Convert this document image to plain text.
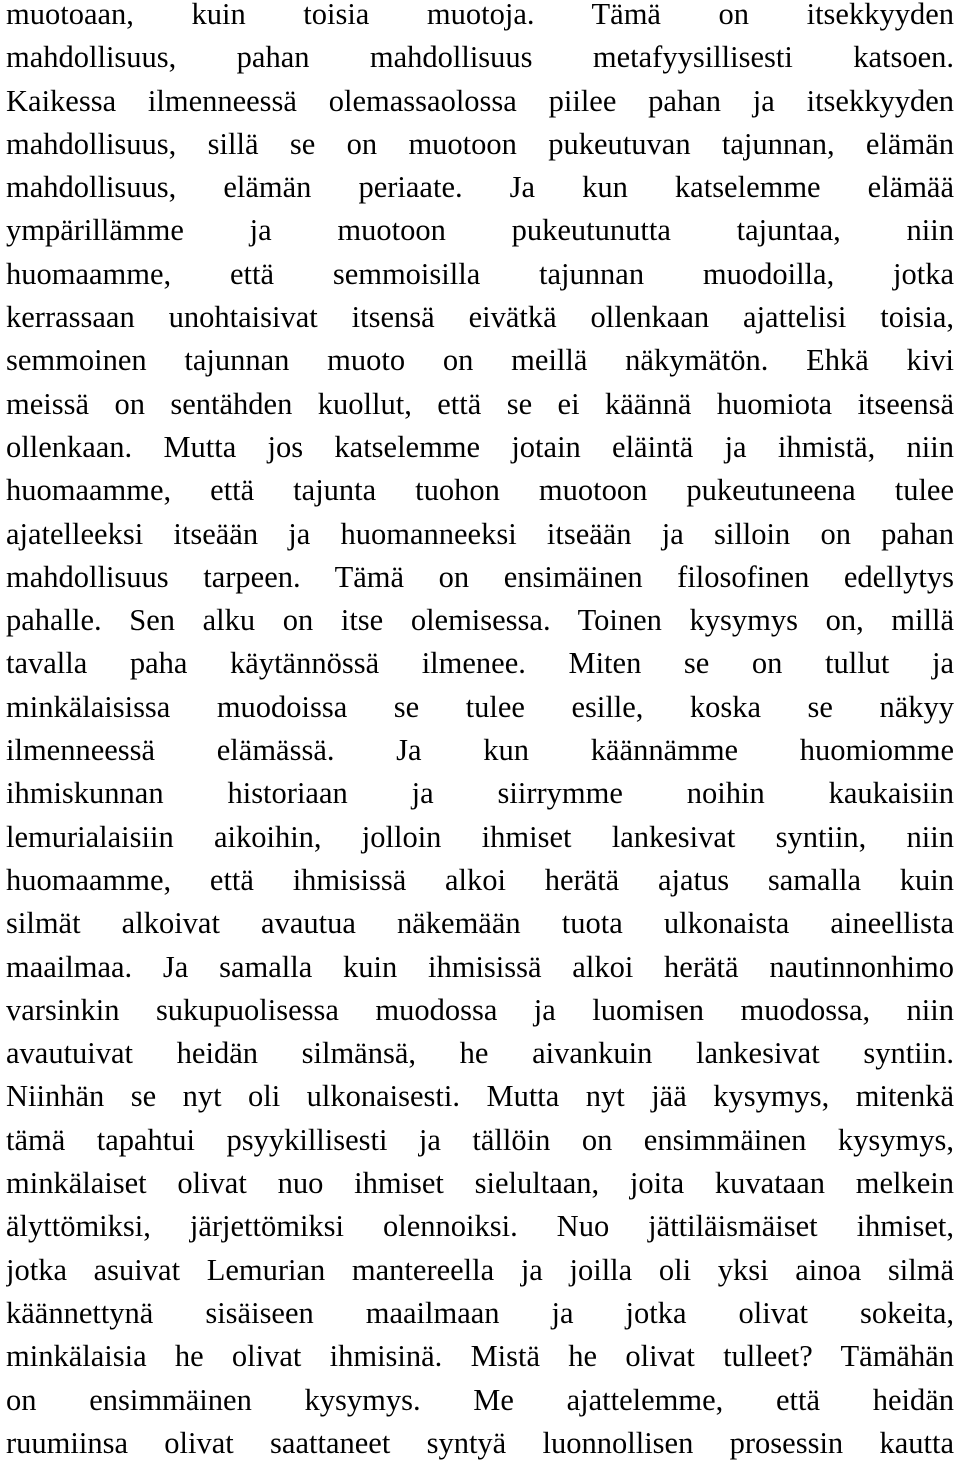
muotoaan, kuin toisia muotoja. Tämä on itsekkyyden
mahdollisuus, pahan mahdollisuus metafyysillisesti katsoen.
Kaikessa ilmenneessä olemassaolossa piilee pahan ja itsekkyyden
mahdollisuus, sillä se on muotoon pukeutuvan tajunnan, elämän
mahdollisuus, elämän periaate. Ja kun katselemme elämää
ympärillämme ja muotoon pukeutunutta tajuntaa, niin
huomaamme, että semmoisilla tajunnan muodoilla, jotka
kerrassaan unohtaisivat itsensä eivätkä ollenkaan ajattelisi toisia,
semmoinen tajunnan muoto on meillä näkymätön. Ehkä kivi
meissä on sentähden kuollut, että se ei käännä huomiota itseensä
ollenkaan. Mutta jos katselemme jotain eläintä ja ihmistä, niin
huomaamme, että tajunta tuohon muotoon pukeutuneena tulee
ajatelleeksi itseään ja huomanneeksi itseään ja silloin on pahan
mahdollisuus tarpeen. Tämä on ensimäinen filosofinen edellytys
pahalle. Sen alku on itse olemisessa. Toinen kysymys on, millä
tavalla paha käytännössä ilmenee. Miten se on tullut ja
minkälaisissa muodoissa se tulee esille, koska se näkyy
ilmenneessä elämässä. Ja kun käännämme huomiomme
ihmiskunnan historiaan ja siirrymme noihin kaukaisiin
lemurialaisiin aikoihin, jolloin ihmiset lankesivat syntiin, niin
huomaamme, että ihmisissä alkoi herätä ajatus samalla kuin
silmät alkoivat avautua näkemään tuota ulkonaista aineellista
maailmaa. Ja samalla kuin ihmisissä alkoi herätä nautinnonhimo
varsinkin sukupuolisessa muodossa ja luomisen muodossa, niin
avautuivat heidän silmänsä, he aivankuin lankesivat syntiin.
Niinhän se nyt oli ulkonaisesti. Mutta nyt jää kysymys, mitenkä
tämä tapahtui psyykillisesti ja tällöin on ensimmäinen kysymys,
minkälaiset olivat nuo ihmiset sielultaan, joita kuvataan melkein
älyttömiksi, järjettömiksi olennoiksi. Nuo jättiläismäiset ihmiset,
jotka asuivat Lemurian mantereella ja joilla oli yksi ainoa silmä
käännettynä sisäiseen maailmaan ja jotka olivat sokeita,
minkälaisia he olivat ihmisinä. Mistä he olivat tulleet? Tämähän
on ensimmäinen kysymys. Me ajattelemme, että heidän
ruumiinsa olivat saattaneet syntyä luonnollisen prosessin kautta
